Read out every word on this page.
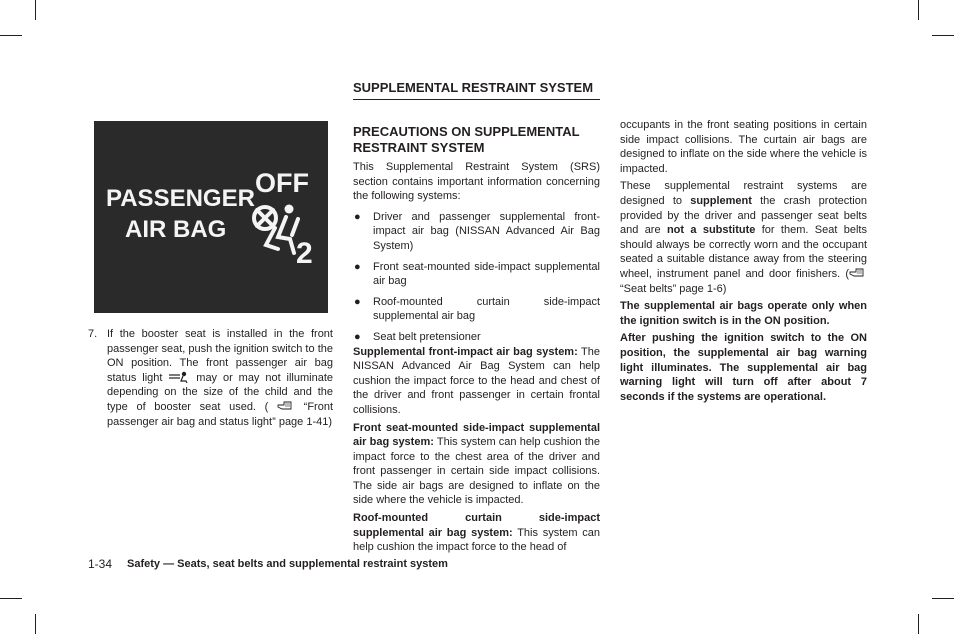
PASSENGER
AIR BAG
OFF
2
7. If the booster seat is installed in the front passenger seat, push the ignition switch to the ON position. The front passenger air bag status light	may or may not illuminate depending on the size of the child and the type of booster seat used. (	“Front passenger air bag and status light” page 1-41)
SUPPLEMENTAL RESTRAINT SYSTEM
PRECAUTIONS ON SUPPLEMENTAL RESTRAINT SYSTEM

This Supplemental Restraint System (SRS) section contains important information concerning the following systems:

● Driver and passenger supplemental front-impact air bag (NISSAN Advanced Air Bag System)

● Front seat-mounted side-impact supplemental air bag

● Roof-mounted curtain side-impact supplemental air bag

● Seat belt pretensioner

Supplemental front-impact air bag system: The NISSAN Advanced Air Bag System can help cushion the impact force to the head and chest of the driver and front passenger in certain frontal collisions.

Front seat-mounted side-impact supplemental air bag system: This system can help cushion the impact force to the chest area of the driver and front passenger in certain side impact collisions. The side air bags are designed to inflate on the side where the vehicle is impacted.

Roof-mounted curtain side-impact supplemental air bag system: This system can help cushion the impact force to the head of

occupants in the front seating positions in certain side impact collisions. The curtain air bags are designed to inflate on the side where the vehicle is impacted.

These supplemental restraint systems are designed to supplement the crash protection provided by the driver and passenger seat belts and are not a substitute for them. Seat belts should always be correctly worn and the occupant seated a suitable distance away from the steering wheel, instrument panel and door finishers. (“Seat belts” page 1-6)

The supplemental air bags operate only when the ignition switch is in the ON position.

After pushing the ignition switch to the ON position, the supplemental air bag warning light illuminates. The supplemental air bag warning light will turn off after about 7 seconds if the systems are operational.

1-34 Safety — Seats, seat belts and supplemental restraint system
